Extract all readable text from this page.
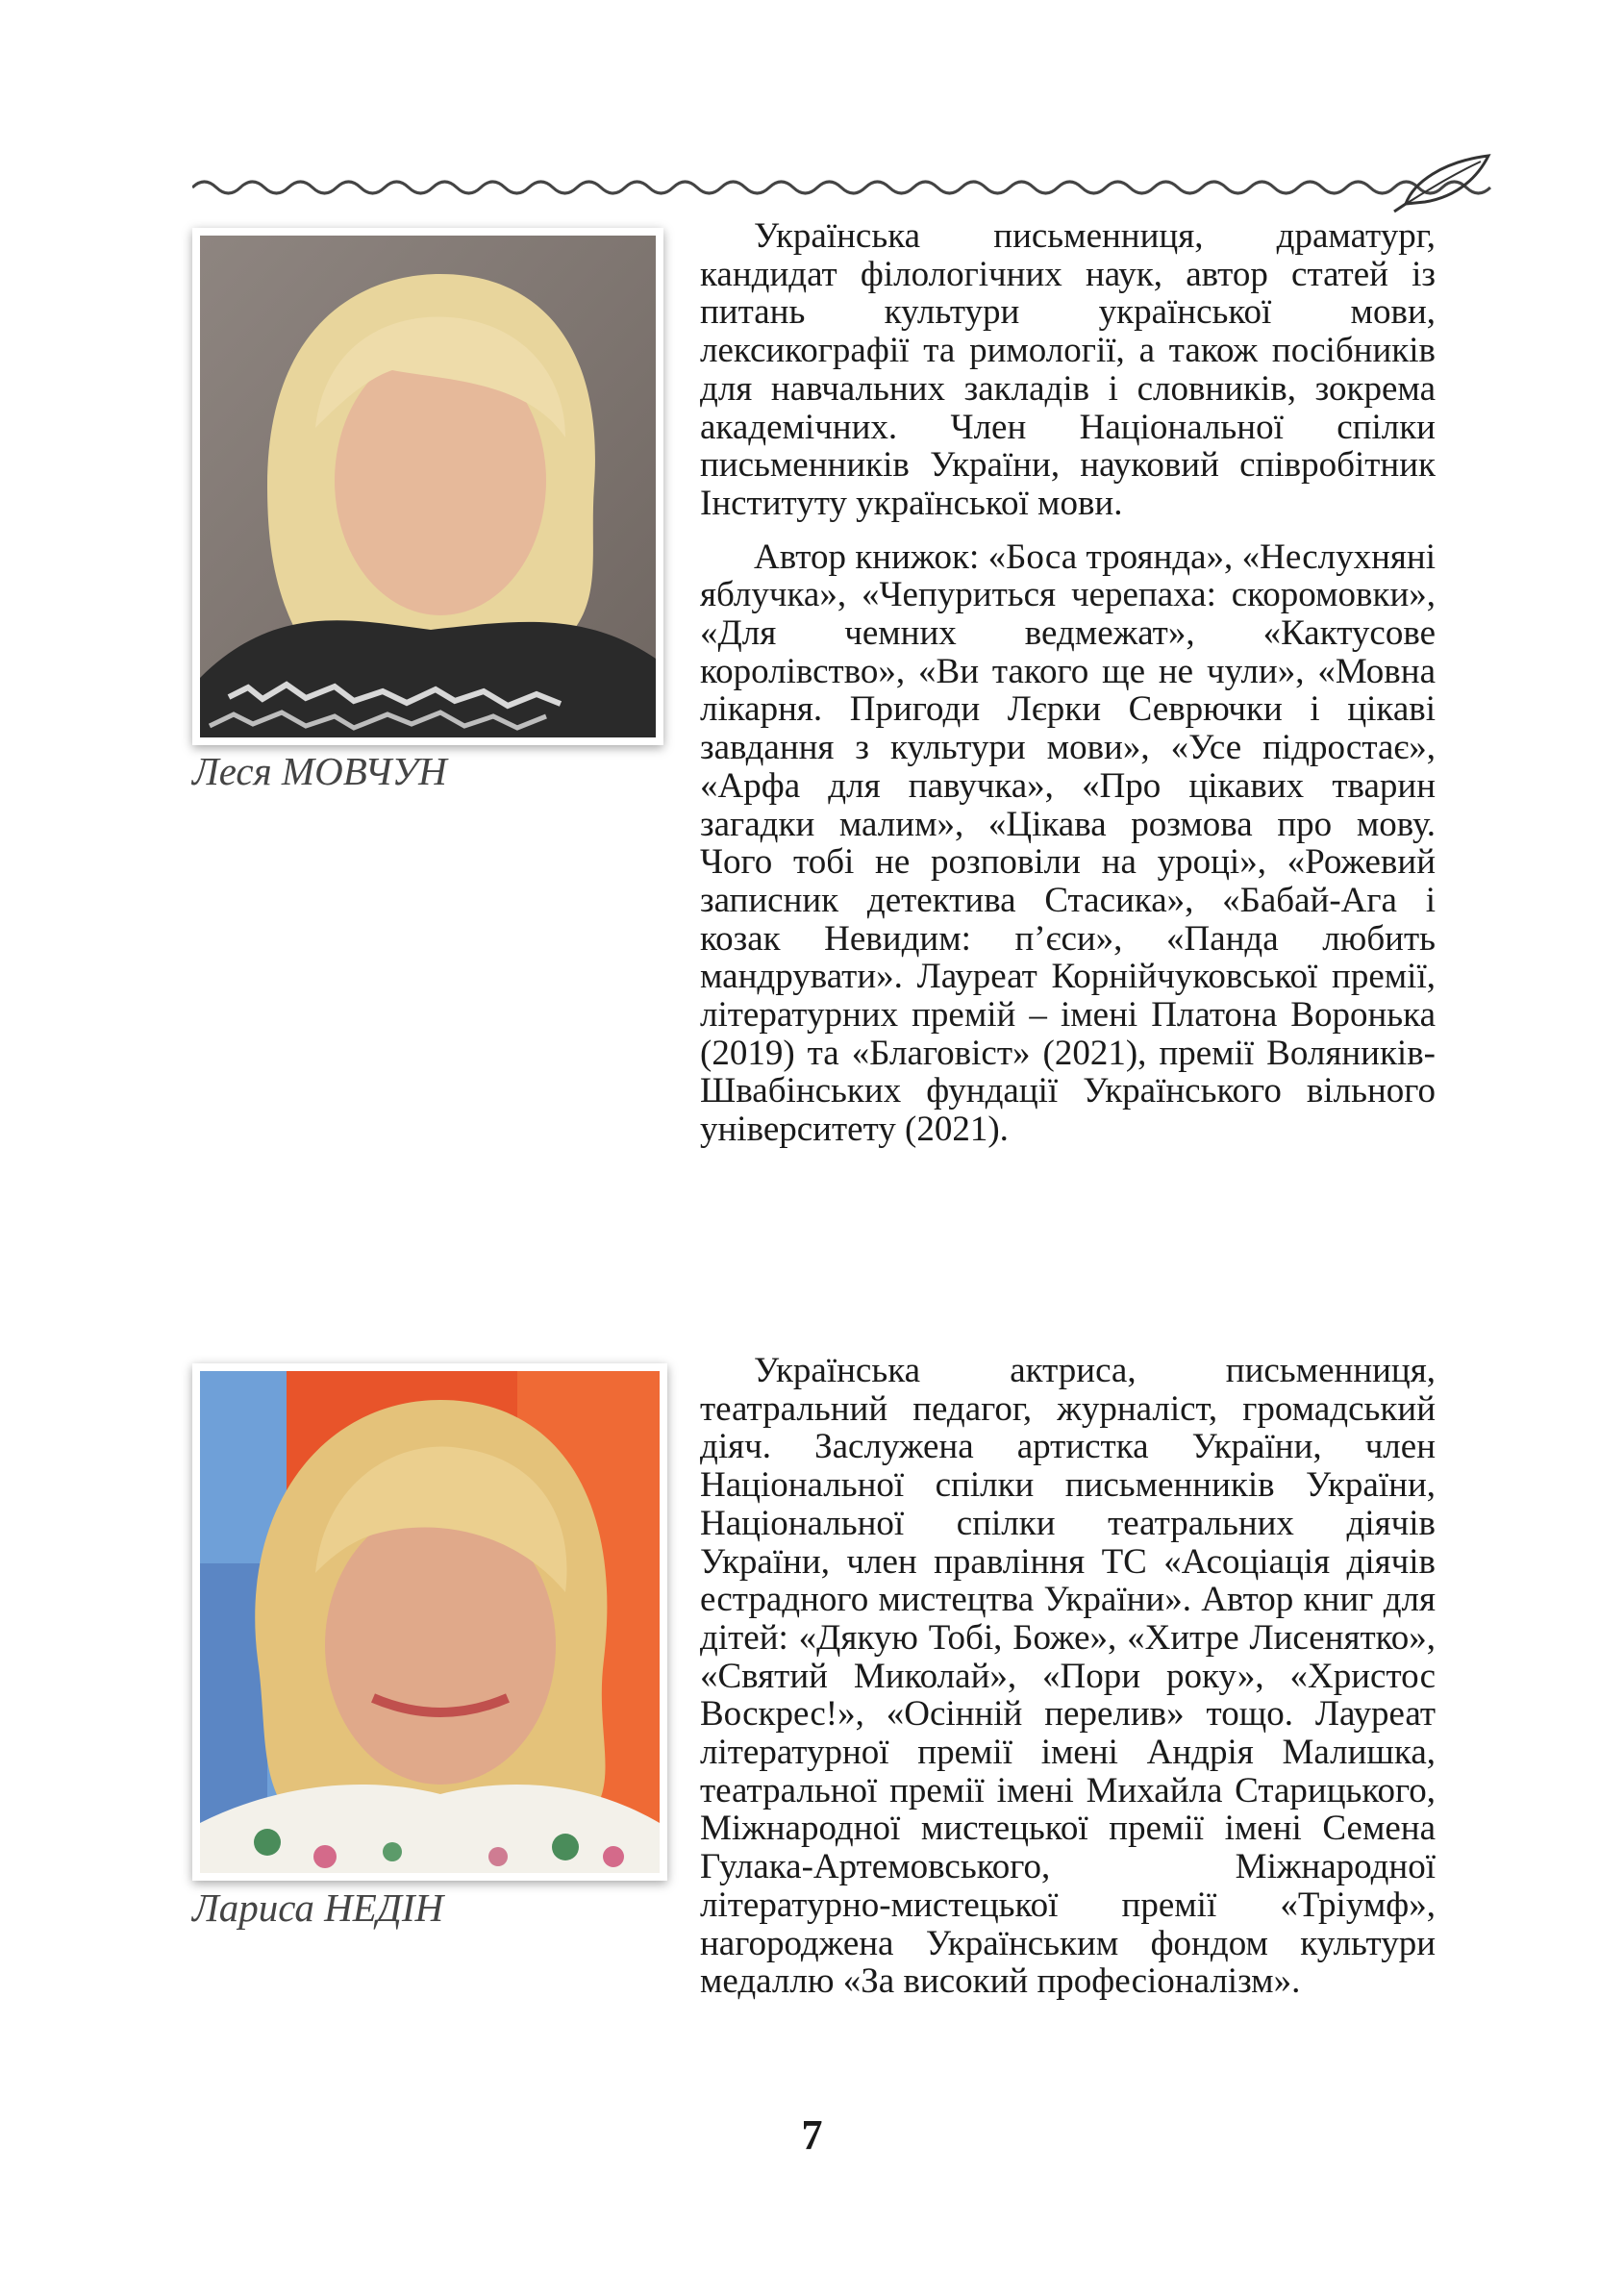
Леся МОВЧУН

Українська письменниця, драматург, кандидат філологічних наук, автор статей із питань культури української мови, лексикографії та римології, а також посібників для навчальних закладів і словників, зокрема академічних. Член Національної спілки письменників України, науковий співробітник Інституту української мови.

Автор книжок: «Боса троянда», «Неслухняні яблучка», «Чепуриться черепаха: скоромовки», «Для чемних ведмежат», «Кактусове королівство», «Ви такого ще не чули», «Мовна лікарня. Пригоди Лєрки Севрючки і цікаві завдання з культури мови», «Усе підростає», «Арфа для павучка», «Про цікавих тварин загадки малим», «Цікава розмова про мову. Чого тобі не розповіли на уроці», «Рожевий записник детектива Стасика», «Бабай-Ага і козак Невидим: п’єси», «Панда любить мандрувати». Лауреат Корнійчуковської премії, літературних премій – імені Платона Воронька (2019) та «Благовіст» (2021), премії Воляників-Швабінських фундації Українського вільного університету (2021).

Лариса НЕДІН

Українська актриса, письменниця, театральний педагог, журналіст, громадський діяч. Заслужена артистка України, член Національної спілки письменників України, Національної спілки театральних діячів України, член правління ТС «Асоціація діячів естрадного мистецтва України». Автор книг для дітей: «Дякую Тобі, Боже», «Хитре Лисенятко», «Святий Миколай», «Пори року», «Христос Воскрес!», «Осінній перелив» тощо. Лауреат літературної премії імені Андрія Малишка, театральної премії імені Михайла Старицького, Міжнародної мистецької премії імені Семена Гулака-Артемовського, Міжнародної літературно-мистецької премії «Тріумф», нагороджена Українським фондом культури медаллю «За високий професіоналізм».

7
